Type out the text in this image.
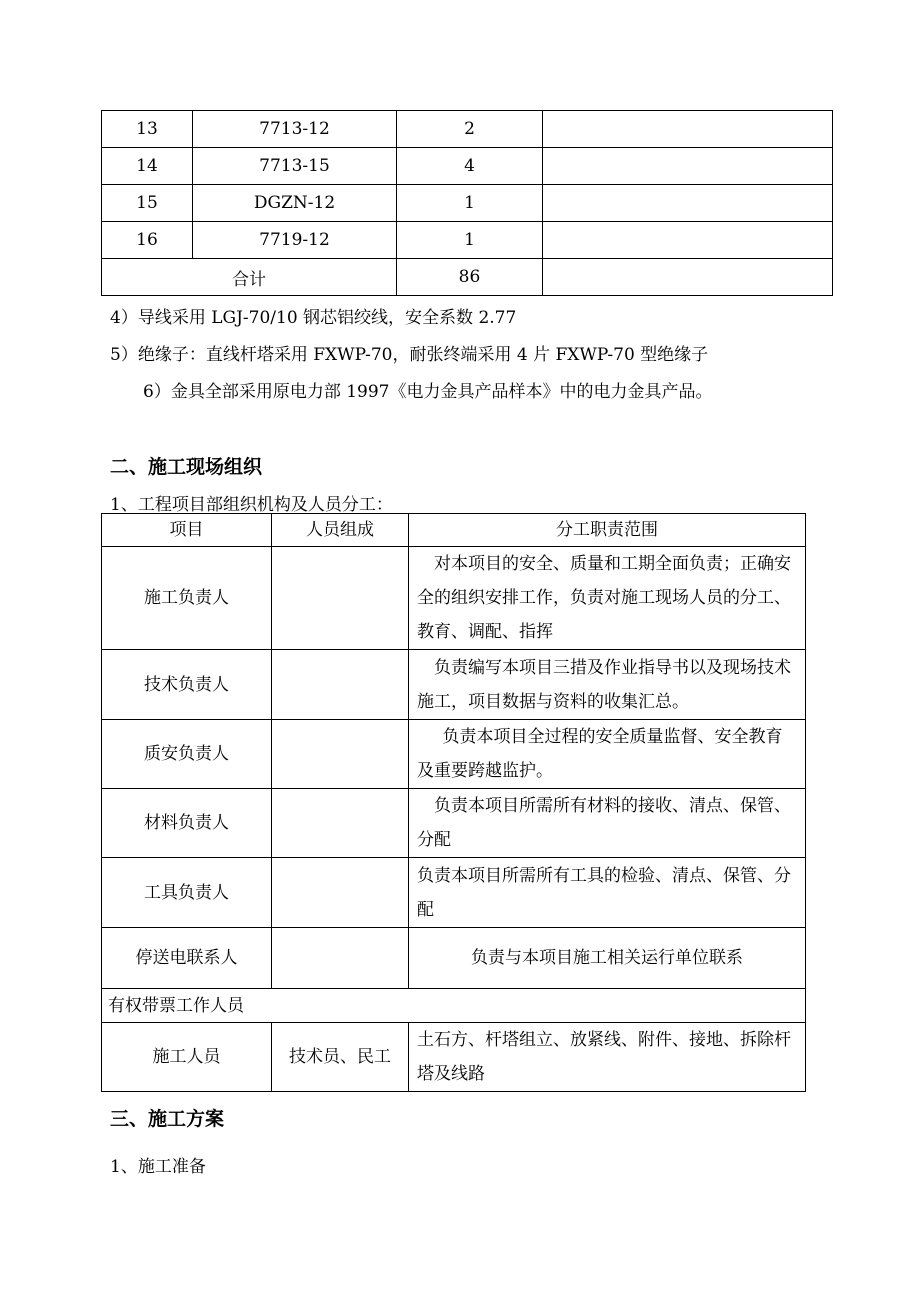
13	7713-12	2	
14	7713-15	4	
15	DGZN-12	1	
16	7719-12	1	
合计		86	
4）导线采用 LGJ-70/10 钢芯铝绞线，安全系数 2.77
5）绝缘子：直线杆塔采用 FXWP-70，耐张终端采用 4 片 FXWP-70 型绝缘子
6）金具全部采用原电力部 1997《电力金具产品样本》中的电力金具产品。
二、施工现场组织
1、工程项目部组织机构及人员分工：
项目	人员组成	分工职责范围
施工负责人		　对本项目的安全、质量和工期全面负责；正确安全的组织安排工作，负责对施工现场人员的分工、教育、调配、指挥
技术负责人		　负责编写本项目三措及作业指导书以及现场技术施工，项目数据与资料的收集汇总。
质安负责人		　 负责本项目全过程的安全质量监督、安全教育及重要跨越监护。
材料负责人		　负责本项目所需所有材料的接收、清点、保管、分配
工具负责人		负责本项目所需所有工具的检验、清点、保管、分配
停送电联系人		负责与本项目施工相关运行单位联系
有权带票工作人员		
施工人员	技术员、民工	土石方、杆塔组立、放紧线、附件、接地、拆除杆塔及线路
三、施工方案
1、施工准备
